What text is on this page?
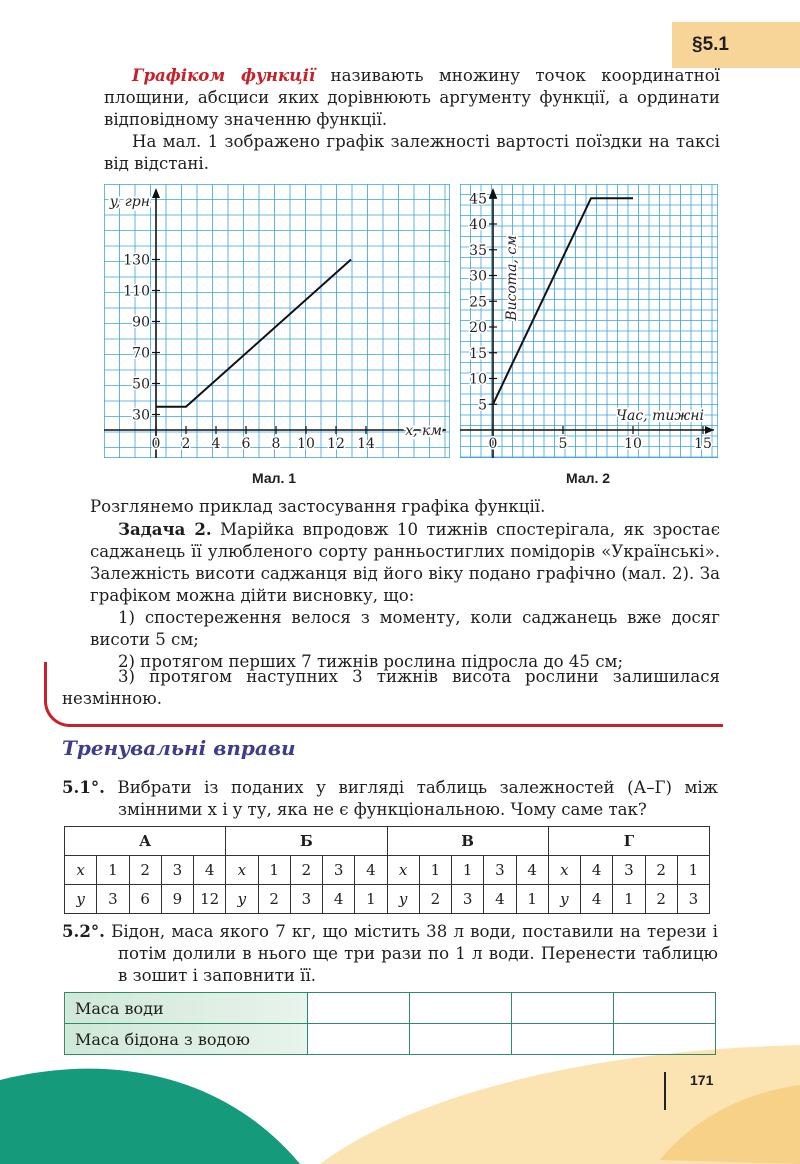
§5.1

Графіком функції називають множину точок координатної площини, абсциси яких дорівнюють аргументу функції, а ординати відповідному значенню функції.

На мал. 1 зображено графік залежності вартості поїздки на таксі від відстані.

0 2 4 6 8 10 12 14
30
50
70
90
110
130
x, км
y, грн
Мал. 1
0	5	10	15
5
10
15
20
25
30
35
40
45
Час, тижні
Висота, см
Мал. 2

Розглянемо приклад застосування графіка функції.

Задача 2. Марійка впродовж 10 тижнів спостерігала, як зростає саджанець її улюбленого сорту ранньостиглих помідорів «Українські». Залежність висоти саджанця від його віку подано графічно (мал. 2). За графіком можна дійти висновку, що:

1) спостереження велося з моменту, коли саджанець вже досяг висоти 5 см;

2) протягом перших 7 тижнів рослина підросла до 45 см;

3) протягом наступних 3 тижнів висота рослини залишилася незмінною.

Тренувальні вправи
5.1°. Вибрати із поданих у вигляді таблиць залежностей (А–Г) між змінними x і y ту, яка не є функціональною. Чому саме так?
А					Б					В					Г				
x	1	2	3	4	x	1	2	3	4	x	1	1	3	4	x	4	3	2	1
y	3	6	9	12	y	2	3	4	1	y	2	3	4	1	y	4	1	2	3
5.2°. Бідон, маса якого 7 кг, що містить 38 л води, поставили на терези і потім долили в нього ще три рази по 1 л води. Перенести таблицю в зошит і заповнити її.
Маса води				
Маса бідона з водою				
171
